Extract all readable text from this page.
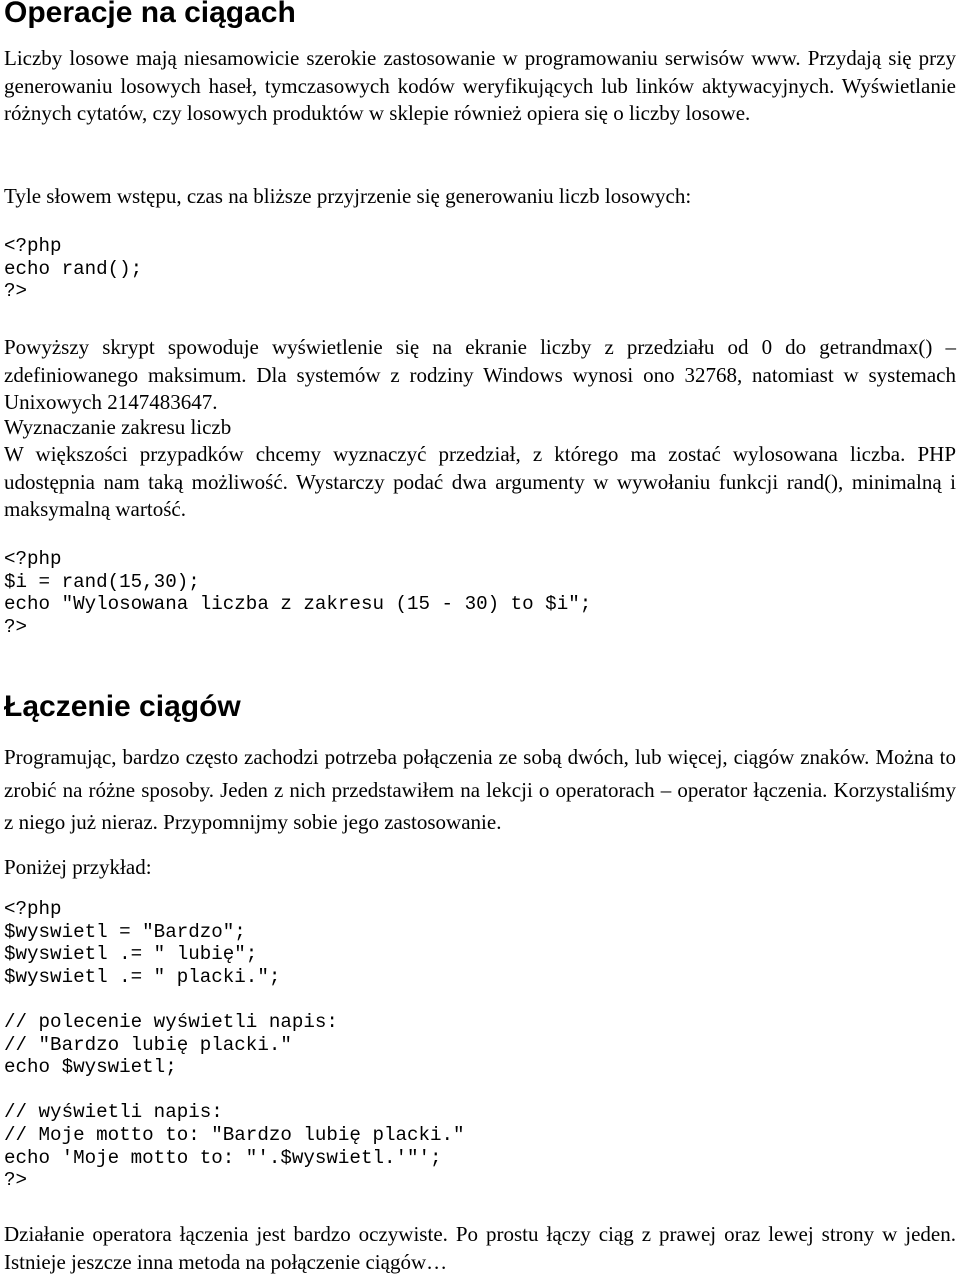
Operacje na ciągach

Liczby losowe mają niesamowicie szerokie zastosowanie w programowaniu serwisów www. Przydają się przy generowaniu losowych haseł, tymczasowych kodów weryfikujących lub linków aktywacyjnych. Wyświetlanie różnych cytatów, czy losowych produktów w sklepie również opiera się o liczby losowe.

Tyle słowem wstępu, czas na bliższe przyjrzenie się generowaniu liczb losowych:

<?php
echo rand();
?>

Powyższy skrypt spowoduje wyświetlenie się na ekranie liczby z przedziału od 0 do getrandmax() – zdefiniowanego maksimum. Dla systemów z rodziny Windows wynosi ono 32768, natomiast w systemach Unixowych 2147483647.

Wyznaczanie zakresu liczb

W większości przypadków chcemy wyznaczyć przedział, z którego ma zostać wylosowana liczba. PHP udostępnia nam taką możliwość. Wystarczy podać dwa argumenty w wywołaniu funkcji rand(), minimalną i maksymalną wartość.

<?php
$i = rand(15,30);
echo "Wylosowana liczba z zakresu (15 - 30) to $i";
?>
Łączenie ciągów

Programując, bardzo często zachodzi potrzeba połączenia ze sobą dwóch, lub więcej, ciągów znaków. Można to zrobić na różne sposoby. Jeden z nich przedstawiłem na lekcji o operatorach – operator łączenia. Korzystaliśmy z niego już nieraz. Przypomnijmy sobie jego zastosowanie.

Poniżej przykład:

<?php
$wyswietl = "Bardzo";
$wyswietl .= " lubię";
$wyswietl .= " placki.";

// polecenie wyświetli napis:
// "Bardzo lubię placki."
echo $wyswietl;

// wyświetli napis:
// Moje motto to: "Bardzo lubię placki."
echo 'Moje motto to: "'.$wyswietl.'"';
?>

Działanie operatora łączenia jest bardzo oczywiste. Po prostu łączy ciąg z prawej oraz lewej strony w jeden. Istnieje jeszcze inna metoda na połączenie ciągów…
